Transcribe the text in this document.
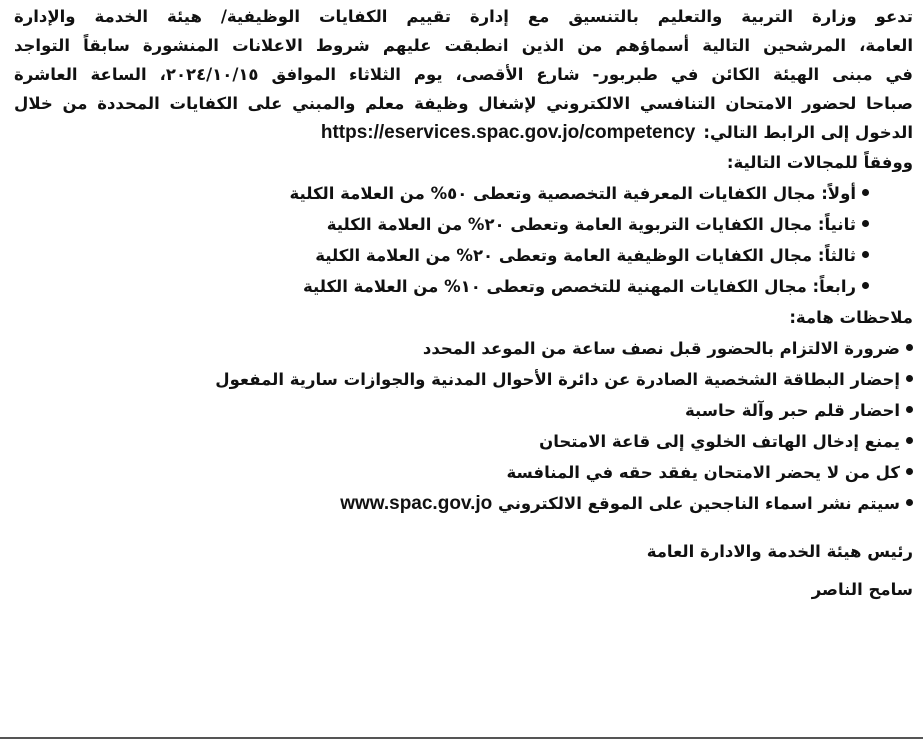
تدعو وزارة التربية والتعليم بالتنسيق مع إدارة تقييم الكفايات الوظيفية/ هيئة الخدمة والإدارة
العامة، المرشحين التالية أسماؤهم من الذين انطبقت عليهم شروط الاعلانات المنشورة سابقاً التواجد
في مبنى الهيئة الكائن في طبربور- شارع الأقصى، يوم الثلاثاء الموافق ٢٠٢٤/١٠/١٥، الساعة العاشرة
صباحا لحضور الامتحان التنافسي الالكتروني لإشغال وظيفة معلم والمبني على الكفايات المحددة من خلال
الدخول إلى الرابط التالي:
https://eservices.spac.gov.jo/competency
ووفقاً للمجالات التالية:
أولاً: مجال الكفايات المعرفية التخصصية وتعطى ٥٠% من العلامة الكلية
ثانياً: مجال الكفايات التربوية العامة وتعطى ٢٠% من العلامة الكلية
ثالثاً: مجال الكفايات الوظيفية العامة وتعطى ٢٠% من العلامة الكلية
رابعاً: مجال الكفايات المهنية للتخصص وتعطى ١٠% من العلامة الكلية
ملاحظات هامة:
ضرورة الالتزام بالحضور قبل نصف ساعة من الموعد المحدد
إحضار البطاقة الشخصية الصادرة عن دائرة الأحوال المدنية والجوازات سارية المفعول
احضار قلم حبر وآلة حاسبة
يمنع إدخال الهاتف الخلوي إلى قاعة الامتحان
كل من لا يحضر الامتحان يفقد حقه في المنافسة
سيتم نشر اسماء الناجحين على الموقع الالكتروني www.spac.gov.jo
رئيس هيئة الخدمة والادارة العامة
سامح الناصر
